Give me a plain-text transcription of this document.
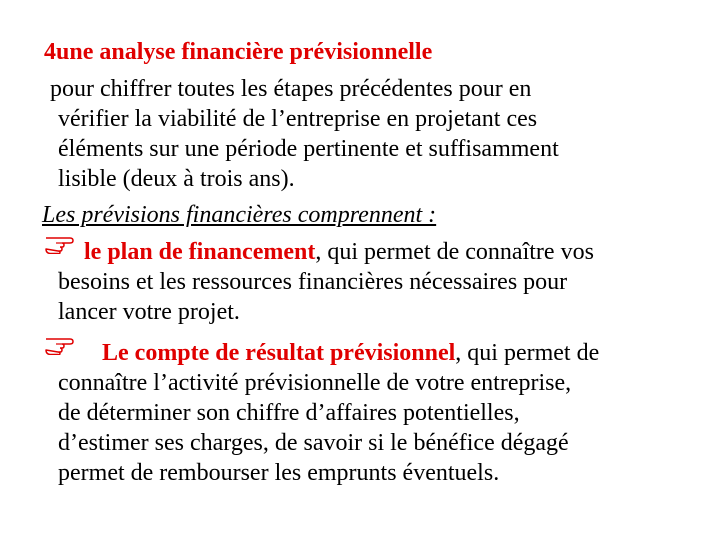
4une analyse financière prévisionnelle
pour chiffrer toutes les étapes précédentes pour en
vérifier la viabilité de l’entreprise en projetant ces
éléments sur une période pertinente et suffisamment
lisible (deux à trois ans).
Les prévisions financières comprennent :
le plan de financement, qui permet de connaître vos
besoins et les ressources financières nécessaires pour
lancer votre projet.
Le compte de résultat prévisionnel, qui permet de
connaître l’activité prévisionnelle de votre entreprise,
de déterminer son chiffre d’affaires potentielles,
d’estimer ses charges, de savoir si le bénéfice dégagé
permet de rembourser les emprunts éventuels.
